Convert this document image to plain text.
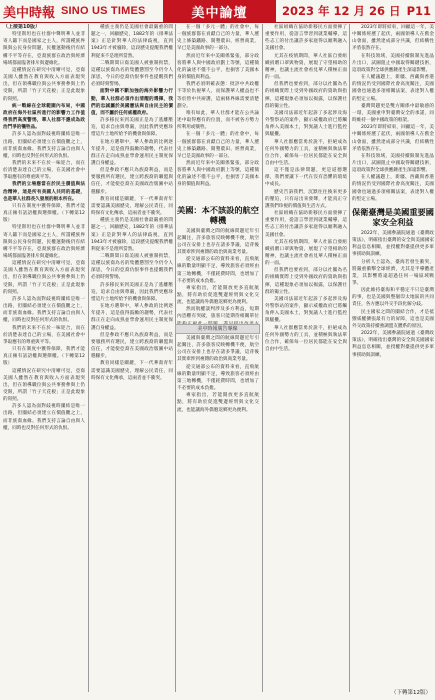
美中時報 SINO US TIMES	美中論壇	2023 年 12 月 26 日 P11
（上接第10版）

特里斯坦也在社群中聲明華人並非寄人籬下而是國家之主人，所謂種族界限與公民身份問題，民權運動後仍有結構不平等存在，亞裔族群在政治與經濟場域都面臨著排斥與邊緣化。

這種情況在研究中清晰可見，亞裔美國人雖然在教育與收入方面表現突出，但在領導職位與公共事務參與上仍受限，所謂「竹子天花板」正是此現象的寫照。

統一戰線在全球範圍內布局，中國政府在海外社區所進行的影響力工作值得我們高度警惕，華人社群不應成為政治鬥爭的犧牲品。

許多人認為面對歧視時團結是唯一出路，但團結必須建立在價值觀之上，而非族裔血緣。我們支持言論自由與人權，同時也反對任何形式的仇恨。

我們的未來不在於一味迎合，而在於清楚表達自己的立場，在美國社會中爭取應有的尊重與平等。

我們的立場應當在於民主價值與法治精神，這是所有美國人共同的基礎，也是華人社群長久發展的根本所在。

只有在制度中獲得保障，我們才能真正擁有話語權與選擇權。（下轉第12版）

特里斯坦也在社群中聲明華人並非寄人籬下而是國家之主人，所謂種族界限與公民身份問題，民權運動後仍有結構不平等存在，亞裔族群在政治與經濟場域都面臨著排斥與邊緣化。

這種情況在研究中清晰可見，亞裔美國人雖然在教育與收入方面表現突出，但在領導職位與公共事務參與上仍受限，所謂「竹子天花板」正是此現象的寫照。

許多人認為面對歧視時團結是唯一出路，但團結必須建立在價值觀之上，而非族裔血緣。我們支持言論自由與人權，同時也反對任何形式的仇恨。

我們的未來不在於一味迎合，而在於清楚表達自己的立場，在美國社會中爭取應有的尊重與平等。

只有在制度中獲得保障，我們才能真正擁有話語權與選擇權。（下轉第12版）

這種情況在研究中清晰可見，亞裔美國人雖然在教育與收入方面表現突出，但在領導職位與公共事務參與上仍受限，所謂「竹子天花板」正是此現象的寫照。

許多人認為面對歧視時團結是唯一出路，但團結必須建立在價值觀之上，而非族裔血緣。我們支持言論自由與人權，同時也反對任何形式的仇恨。

種族主義仍是美國社會最嚴重的問題之一，回顧歷史，1882年的《排華法案》正是針對華人的法律歧視，直到1943年才被廢除，這段歷史提醒我們權利從來不是理所當然。

二戰期間日裔美國人被強制拘禁，這種以族裔為名的集體懲罰至今仍令人深思，今日的亞裔仇恨事件也提醒我們必須時刻警惕。

面對中國不斷加強的海外影響力行動，華人社群必須作出清醒的選擇，我們的忠誠屬於美國憲法與自由民主的價值，而不屬於任何威權政府。

許多移民來到美國正是為了逃離壓迫，追求自由與尊嚴，因此我們更應珍惜這片土地所給予的機會與保障。

在地方選舉中，華人參政的比例逐年提升，這是值得鼓勵的趨勢，代表社群正在走向成熟並學會運用民主制度保護自身權益。

但是參政不應只為族裔利益，而是要服務所有選民，建立跨族裔的聯盟與信任，才能使亞裔在美國政治版圖中站穩腳步。

教育同樣是關鍵，下一代華裔青年需要認識美國歷史，理解公民責任，同時保有文化傳承，這兩者並不衝突。

種族主義仍是美國社會最嚴重的問題之一，回顧歷史，1882年的《排華法案》正是針對華人的法律歧視，直到1943年才被廢除，這段歷史提醒我們權利從來不是理所當然。

二戰期間日裔美國人被強制拘禁，這種以族裔為名的集體懲罰至今仍令人深思，今日的亞裔仇恨事件也提醒我們必須時刻警惕。

許多移民來到美國正是為了逃離壓迫，追求自由與尊嚴，因此我們更應珍惜這片土地所給予的機會與保障。

在地方選舉中，華人參政的比例逐年提升，這是值得鼓勵的趨勢，代表社群正在走向成熟並學會運用民主制度保護自身權益。

但是參政不應只為族裔利益，而是要服務所有選民，建立跨族裔的聯盟與信任，才能使亞裔在美國政治版圖中站穩腳步。

教育同樣是關鍵，下一代華裔青年需要認識美國歷史，理解公民責任，同時保有文化傳承，這兩者並不衝突。

在一個「多元一體」的社會中，每一個族群都在貢獻自己的力量，華人歷史上修築鐵路、開墾農田、經營商業，早已是美國故事的一部分。

然而近年來中美關係緊張，部分政客將華人與中國政府劃上等號，這種簡化的論述不僅不公平，也損害了美國本身的價值與利益。

我們必須明確表態：批評中共政權不等於仇視華人，而保護華人權益也不等於替中共辯護，這兩條界線需要清楚劃分。

唯有如此，華人社群才能在公共論述中取得應有的位置，而不被各方勢力所利用或犧牲。

在一個「多元一體」的社會中，每一個族群都在貢獻自己的力量，華人歷史上修築鐵路、開墾農田、經營商業，早已是美國故事的一部分。

然而近年來中美關係緊張，部分政客將華人與中國政府劃上等號，這種簡化的論述不僅不公平，也損害了美國本身的價值與利益。

美國：本不該設的航空轉機

美國與臺灣之間的航線問題近年引起關注，許多旅客反映轉機不便，航空公司在安排上也存在諸多爭議，這背後其實牽涉到複雜的政治與商業考量。

從交通部公布的資料來看，直飛航線的數量明顯不足，導致旅客必須經由第三地轉機，不僅耗費時間，也增加了不必要的成本負擔。

專家指出，若能開放更多直航航點，將有助於促進雙邊經貿與文化交流，也能讓海外僑胞返鄉更為便利。

然而航權談判涉及多方利益，短期內恐難有突破，旅客只能期待相關單位

美國與臺灣之間的航線問題近年引起關注，許多旅客反映轉機不便，航空公司在安排上也存在諸多爭議，這背後其實牽涉到複雜的政治與商業考量。

從交通部公布的資料來看，直飛航線的數量明顯不足，導致旅客必須經由第三地轉機，不僅耗費時間，也增加了不必要的成本負擔。

專家指出，若能開放更多直航航點，將有助於促進雙邊經貿與文化交流，也能讓海外僑胞返鄉更為便利。

美中時報廣告專線

社區組織在協助新移民方面發揮了重要作用，從語言學習到就業輔導，這些志工的付出讓許多家庭得以順利融入美國社會。

尤其在疫情期間，華人社區自發組織捐贈口罩與物資，展現了守望相助的精神，也讓主流社會看見華人積極正面的一面。

但我們也要看到，部分以社團為名的組織實際上受到外國政府的資助與指揮，這種現象必須加以揭露，以保護社群的獨立性。

美國司法部近年起訴了多起涉及海外警察站的案件，顯示威權政府已將觸角伸入美國本土，對異議人士進行監控與騷擾。

華人社群應當勇於說不，拒絕成為任何外國勢力的工具，並積極與執法單位合作，確保每一位居民都能在安全與自由中生活。

這不僅是法律問題，更是道德選擇，我們要讓下一代在沒有恐懼的環境中成長。

歷史告訴我們，沉默往往換來更多的壓迫，只有站出來發聲，才能真正守護我們珍視的價值與生活方式。

社區組織在協助新移民方面發揮了重要作用，從語言學習到就業輔導，這些志工的付出讓許多家庭得以順利融入美國社會。

尤其在疫情期間，華人社區自發組織捐贈口罩與物資，展現了守望相助的精神，也讓主流社會看見華人積極正面的一面。

但我們也要看到，部分以社團為名的組織實際上受到外國政府的資助與指揮，這種現象必須加以揭露，以保護社群的獨立性。

美國司法部近年起訴了多起涉及海外警察站的案件，顯示威權政府已將觸角伸入美國本土，對異議人士進行監控與騷擾。

華人社群應當勇於說不，拒絕成為任何外國勢力的工具，並積極與執法單位合作，確保每一位居民都能在安全與自由中生活。

2023年即將結束，回顧這一年，美中關係經歷了起伏，兩國領導人在舊金山會面，雖然達成部分共識，但結構性矛盾依然存在。

在科技領域，美國持續限制先進晶片出口，試圖阻止中國取得關鍵技術，這項政策對全球供應鏈產生深遠影響。

在人權議題上，新疆、西藏與香港的情況仍受到國際社會高度關注，美國國會也通過多項相關法案，表達對人權的堅定立場。

臺灣問題更是雙方關係中最敏感的一環，美國重申對臺灣安全的承諾，同時維持一個中國政策的框架。

2023年即將結束，回顧這一年，美中關係經歷了起伏，兩國領導人在舊金山會面，雖然達成部分共識，但結構性矛盾依然存在。

在科技領域，美國持續限制先進晶片出口，試圖阻止中國取得關鍵技術，這項政策對全球供應鏈產生深遠影響。

在人權議題上，新疆、西藏與香港的情況仍受到國際社會高度關注，美國國會也通過多項相關法案，表達對人權的堅定立場。

保衛臺灣是美國重要國家安全利益

2022年，美國參議院通過《臺灣政策法》，明確指出臺灣的安全與美國國家利益息息相關，並授權對臺提供更多軍事援助與訓練。

分析人士認為，臺海若發生衝突，將嚴重衝擊全球經濟，尤其是半導體產業，其影響將遠超過任何一場區域戰爭。

因此維持臺海和平穩定不只是臺灣的事，也是美國與整個印太地區的共同責任，各方應以外交手段化解分歧。

民主國家之間的團結合作，才是抵禦威權擴張最有力的屏障，這也是美國外交政策持續強調盟友體系的原因。

2022年，美國參議院通過《臺灣政策法》，明確指出臺灣的安全與美國國家利益息息相關，並授權對臺提供更多軍事援助與訓練。

（下轉第12版）
